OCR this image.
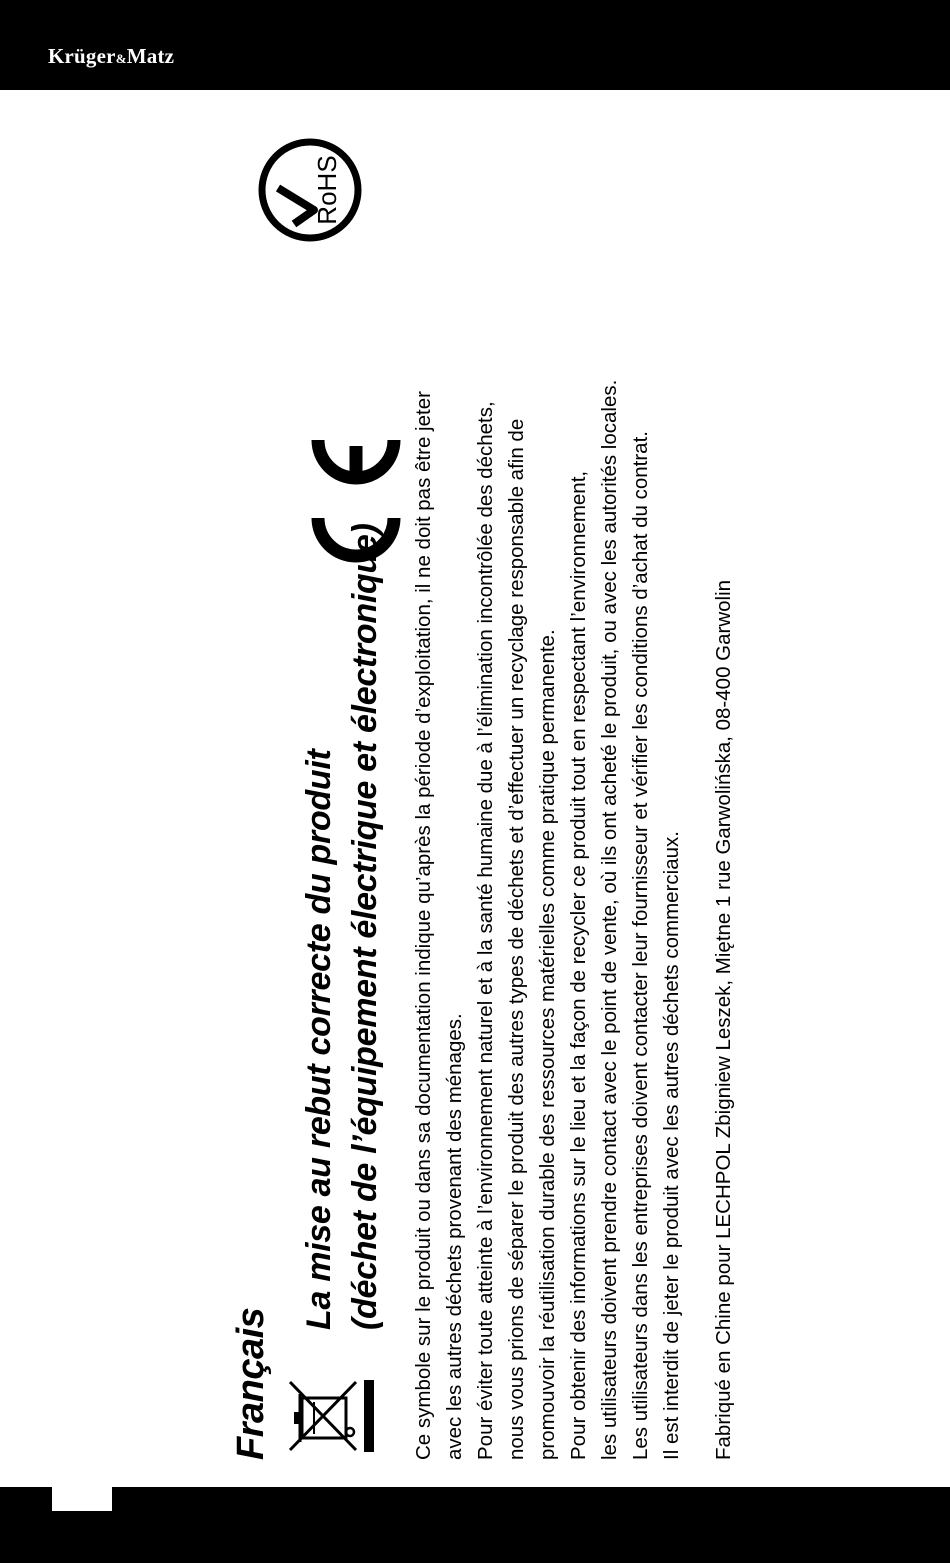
Krüger&Matz
Français
La mise au rebut correcte du produit (déchet de l’équipement électrique et électronique)
RoHS
Ce symbole sur le produit ou dans sa documentation indique qu’après la période d’exploitation, il ne doit pas être jeter avec les autres déchets provenant des ménages. Pour éviter toute atteinte à l’environnement naturel et à la santé humaine due à l’élimination incontrôlée des déchets, nous vous prions de séparer le produit des autres types de déchets et d’effectuer un recyclage responsable afin de promouvoir la réutilisation durable des ressources matérielles comme pratique permanente. Pour obtenir des informations sur le lieu et la façon de recycler ce produit tout en respectant l’environnement, les utilisateurs doivent prendre contact avec le point de vente, où ils ont acheté le produit, ou avec les autorités locales. Les utilisateurs dans les entreprises doivent contacter leur fournisseur et vérifier les conditions d’achat du contrat. Il est interdit de jeter le produit avec les autres déchets commerciaux. Fabriqué en Chine pour LECHPOL Zbigniew Leszek, Miętne 1 rue Garwolińska, 08-400 Garwolin
